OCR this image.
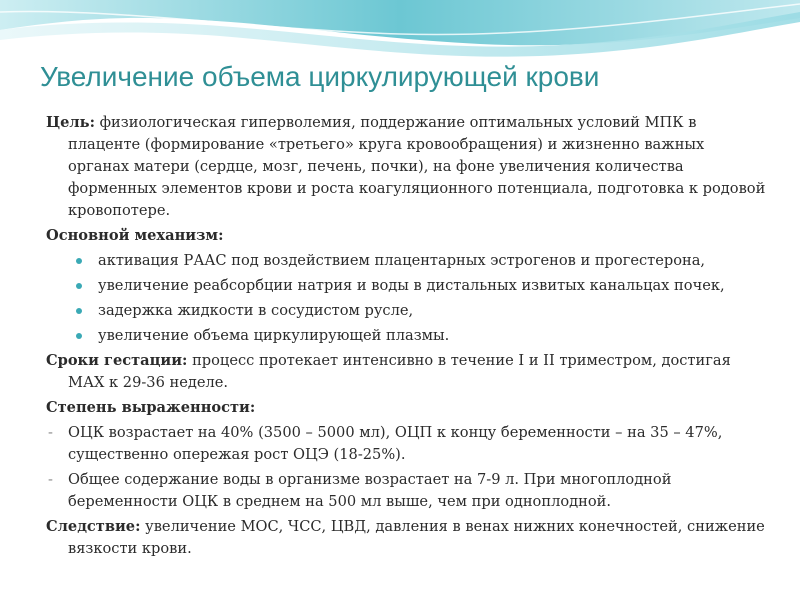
Увеличение объема циркулирующей крови

Цель: физиологическая гиперволемия, поддержание оптимальных условий МПК в плаценте (формирование «третьего» круга кровообращения) и жизненно важных органах матери (сердце, мозг, печень, почки), на фоне увеличения количества форменных элементов крови и роста коагуляционного потенциала, подготовка к родовой кровопотере.

Основной механизм:

активация РААС под воздействием плацентарных эстрогенов и прогестерона,
увеличение реабсорбции натрия и воды в дистальных извитых канальцах почек,
задержка жидкости в сосудистом русле,
увеличение объема циркулирующей плазмы.

Сроки гестации: процесс протекает интенсивно в течение I и II триместром, достигая МАХ к 29-36 неделе.

Степень выраженности:

- ОЦК возрастает на 40% (3500 – 5000 мл), ОЦП к концу беременности – на 35 – 47%, существенно опережая рост ОЦЭ (18-25%).
- Общее содержание воды в организме возрастает на 7-9 л. При многоплодной беременности ОЦК в среднем на 500 мл выше, чем при одноплодной.

Следствие: увеличение МОС, ЧСС, ЦВД, давления в венах нижних конечностей, снижение вязкости крови.
